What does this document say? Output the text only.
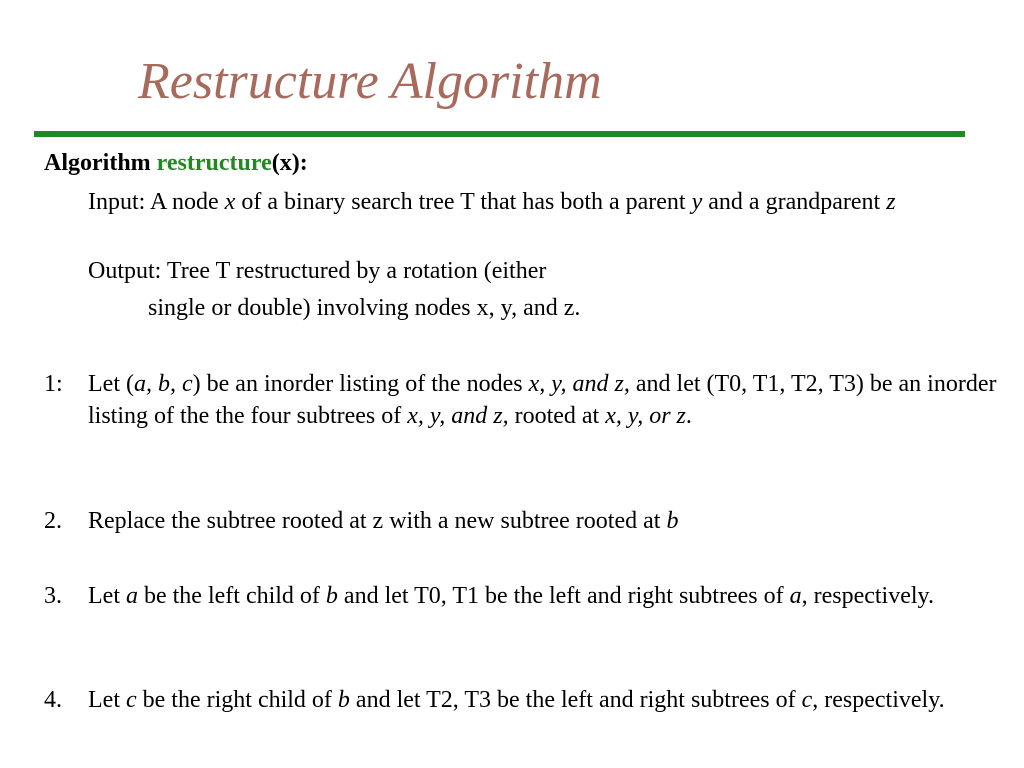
Restructure Algorithm
Algorithm restructure(x):
Input: A node x of a binary search tree T that has both a parent y and a grandparent z
Output: Tree T restructured by a rotation (either
single or double) involving nodes x, y, and z.
1: Let (a, b, c) be an inorder listing of the nodes x, y, and z, and let (T0, T1, T2, T3) be an inorder listing of the the four subtrees of x, y, and z, rooted at x, y, or z.
2. Replace the subtree rooted at z with a new subtree rooted at b
3. Let a be the left child of b and let T0, T1 be the left and right subtrees of a, respectively.
4. Let c be the right child of b and let T2, T3 be the left and right subtrees of c, respectively.
